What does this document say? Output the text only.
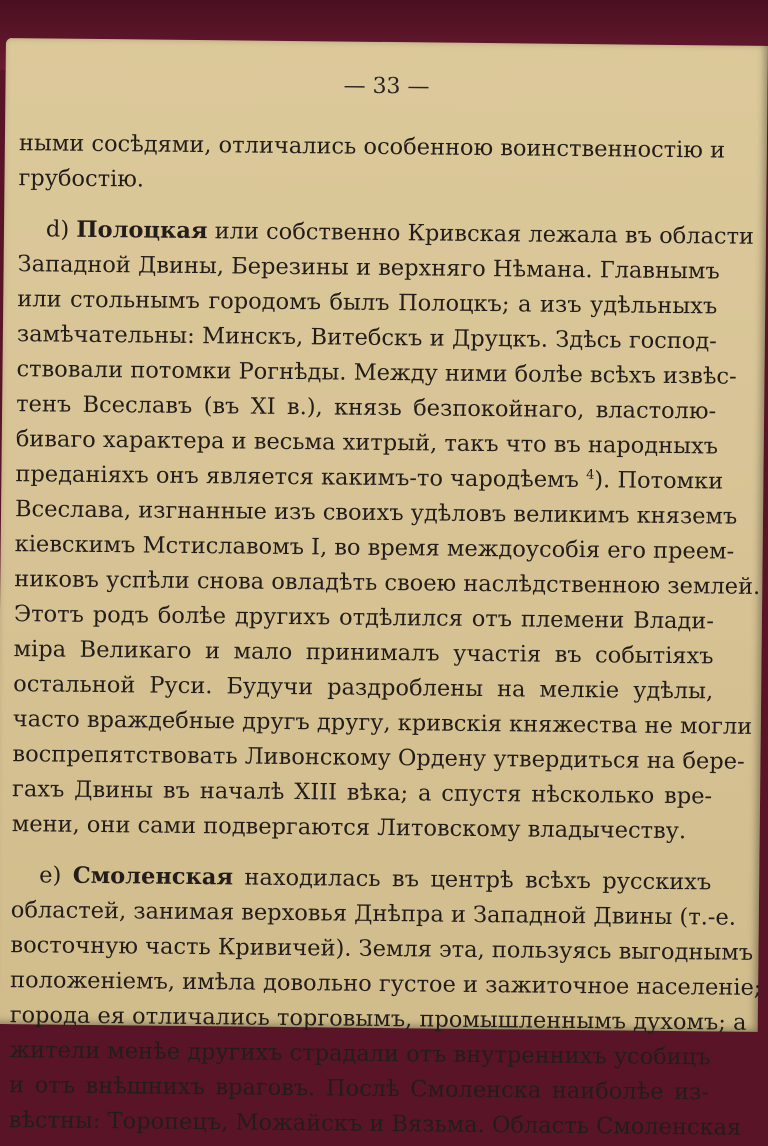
— 33 —
ными сосѣдями, отличались особенною воинственностію и
грубостію.
d) Полоцкая или собственно Кривская лежала въ области
Западной Двины, Березины и верхняго Нѣмана. Главнымъ
или стольнымъ городомъ былъ Полоцкъ; а изъ удѣльныхъ
замѣчательны: Минскъ, Витебскъ и Друцкъ. Здѣсь господ-
ствовали потомки Рогнѣды. Между ними болѣе всѣхъ извѣс-
тенъ Всеславъ (въ XI в.), князь безпокойнаго, властолю-
биваго характера и весьма хитрый, такъ что въ народныхъ
преданіяхъ онъ является какимъ-то чародѣемъ $^4$). Потомки
Всеслава, изгнанные изъ своихъ удѣловъ великимъ княземъ
кіевскимъ Мстиславомъ I, во время междоусобія его преем-
никовъ успѣли снова овладѣть своею наслѣдственною землей.
Этотъ родъ болѣе другихъ отдѣлился отъ племени Влади-
міра Великаго и мало принималъ участія въ событіяхъ
остальной Руси. Будучи раздроблены на мелкіе удѣлы,
часто враждебные другъ другу, кривскія княжества не могли
воспрепятствовать Ливонскому Ордену утвердиться на бере-
гахъ Двины въ началѣ XIII вѣка; а спустя нѣсколько вре-
мени, они сами подвергаются Литовскому владычеству.
e) Смоленская находилась въ центрѣ всѣхъ русскихъ
областей, занимая верховья Днѣпра и Западной Двины (т.-е.
восточную часть Кривичей). Земля эта, пользуясь выгоднымъ
положеніемъ, имѣла довольно густое и зажиточное населеніе;
города ея отличались торговымъ, промышленнымъ духомъ; а
жители менѣе другихъ страдали отъ внутреннихъ усобицъ
и отъ внѣшнихъ враговъ. Послѣ Смоленска наиболѣе из-
вѣстны: Торопецъ, Можайскъ и Вязьма. Область Смоленская
